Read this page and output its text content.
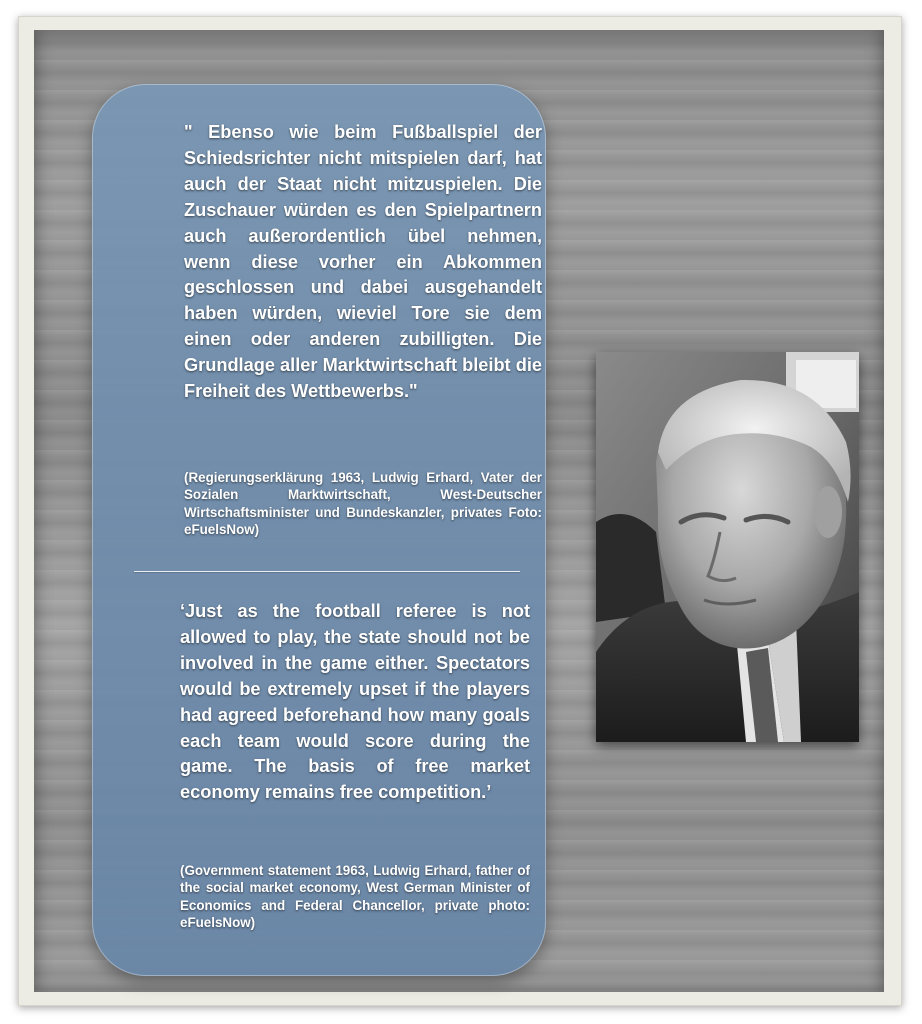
" Ebenso wie beim Fußballspiel der Schiedsrichter nicht mitspielen darf, hat auch der Staat nicht mitzuspielen. Die Zuschauer würden es den Spielpartnern auch außerordentlich übel nehmen, wenn diese vorher ein Abkommen geschlossen und dabei ausgehandelt haben würden, wieviel Tore sie dem einen oder anderen zubilligten. Die Grundlage aller Marktwirtschaft bleibt die Freiheit des Wettbewerbs."

(Regierungserklärung 1963, Ludwig Erhard, Vater der Sozialen Marktwirtschaft, West-Deutscher Wirtschaftsminister und Bundeskanzler, privates Foto: eFuelsNow)

‘Just as the football referee is not allowed to play, the state should not be involved in the game either. Spectators would be extremely upset if the players had agreed beforehand how many goals each team would score during the game. The basis of free market economy remains free competition.’

(Government statement 1963, Ludwig Erhard, father of the social market economy, West German Minister of Economics and Federal Chancellor, private photo: eFuelsNow)
